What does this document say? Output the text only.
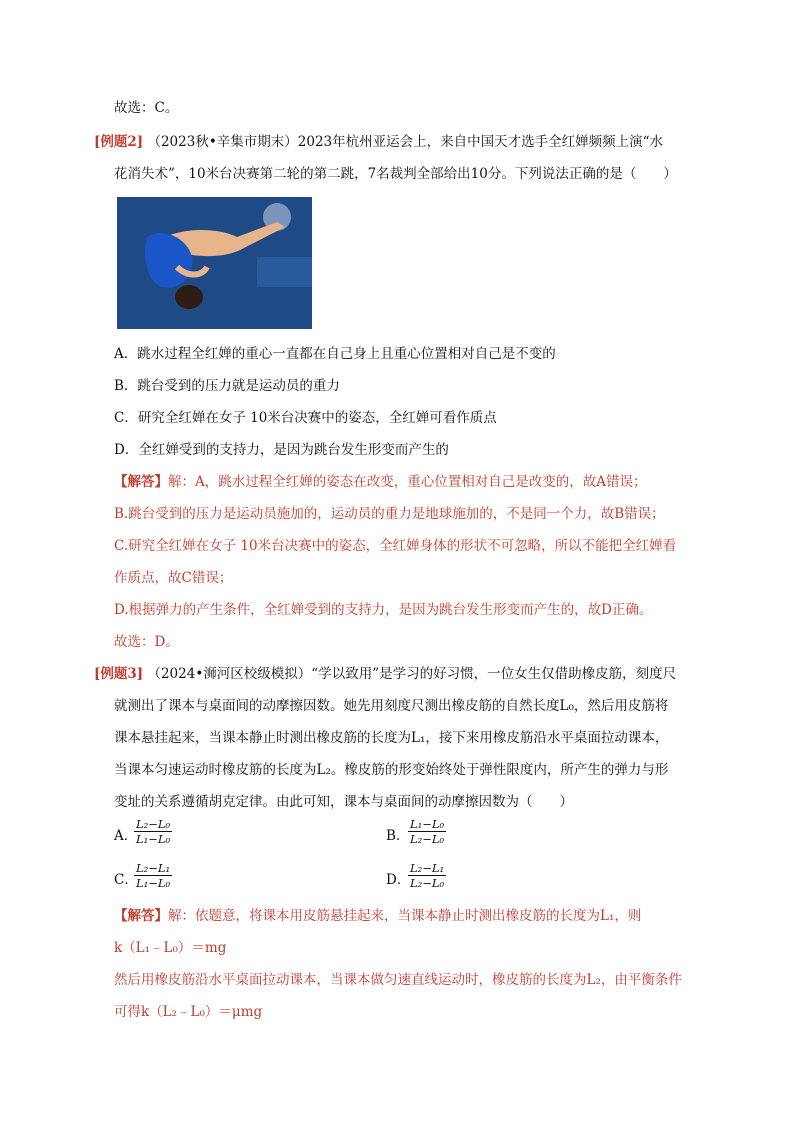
故选：C。
[例题2] （2023秋•辛集市期末）2023年杭州亚运会上，来自中国天才选手全红婵频频上演“水
花消失术”，10米台决赛第二轮的第二跳，7名裁判全部给出10分。下列说法正确的是（　　）
A．跳水过程全红婵的重心一直都在自己身上且重心位置相对自己是不变的
B．跳台受到的压力就是运动员的重力
C．研究全红婵在女子 10米台决赛中的姿态，全红婵可看作质点
D．全红婵受到的支持力，是因为跳台发生形变而产生的
【解答】解：A，跳水过程全红婵的姿态在改变，重心位置相对自己是改变的，故A错误；
B.跳台受到的压力是运动员施加的，运动员的重力是地球施加的，不是同一个力，故B错误；
C.研究全红婵在女子 10米台决赛中的姿态，全红婵身体的形状不可忽略，所以不能把全红婵看
作质点，故C错误；
D.根据弹力的产生条件，全红婵受到的支持力，是因为跳台发生形变而产生的，故D正确。
故选：D。
[例题3] （2024•浉河区校级模拟）“学以致用”是学习的好习惯，一位女生仅借助橡皮筋，刻度尺
就测出了课本与桌面间的动摩擦因数。她先用刻度尺测出橡皮筋的自然长度L₀，然后用皮筋将
课本悬挂起来，当课本静止时测出橡皮筋的长度为L₁，接下来用橡皮筋沿水平桌面拉动课本，
当课本匀速运动时橡皮筋的长度为L₂。橡皮筋的形变始终处于弹性限度内，所产生的弹力与形
变址的关系遵循胡克定律。由此可知，课本与桌面间的动摩擦因数为（　　）
A．
$\frac{\text{L₂−L₀}}{\text{L₁−L₀}}$	B．
$\frac{\text{L₁−L₀}}{\text{L₂−L₀}}$
C．
$\frac{\text{L₂−L₁}}{\text{L₁−L₀}}$	D．
$\frac{\text{L₂−L₁}}{\text{L₂−L₀}}$
【解答】解：依题意，将课本用皮筋悬挂起来，当课本静止时测出橡皮筋的长度为L₁，则
k（L₁﹣L₀）＝mg
然后用橡皮筋沿水平桌面拉动课本，当课本做匀速直线运动时，橡皮筋的长度为L₂，由平衡条件
可得k（L₂﹣L₀）＝μmg
